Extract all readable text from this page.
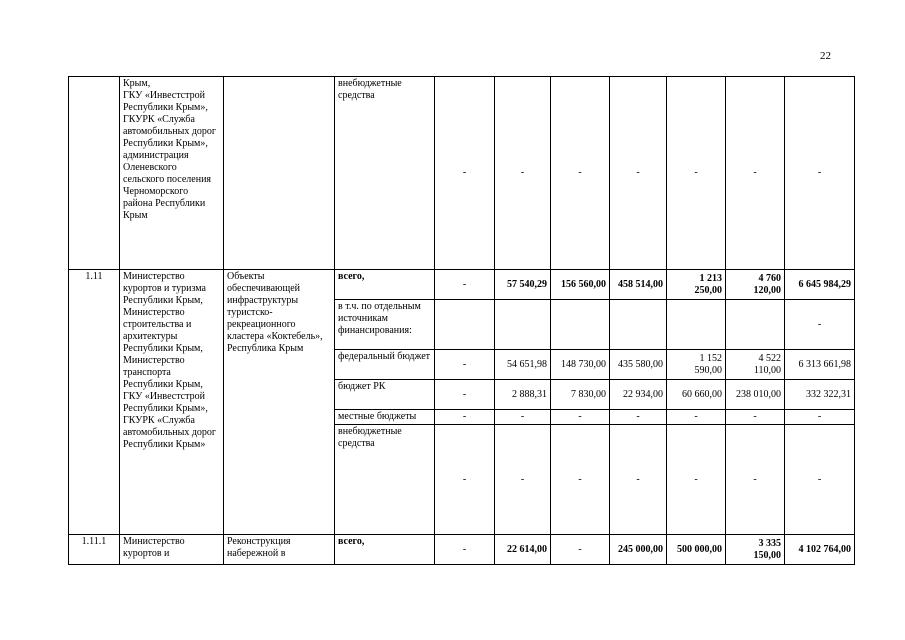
22
	Крым,
ГКУ «Инвестстрой Республики Крым»,
ГКУРК «Служба автомобильных дорог Республики Крым»,
администрация Оленевского сельского поселения Черноморского района Республики Крым		внебюджетные средства	-	-	-	-	-	-	-
1.11	Министерство курортов и туризма Республики Крым,
Министерство строительства и архитектуры Республики Крым,
Министерство транспорта Республики Крым,
ГКУ «Инвестстрой Республики Крым»,
ГКУРК «Служба автомобильных дорог Республики Крым»	Объекты обеспечивающей инфраструктуры туристско-рекреационного кластера «Коктебель», Республика Крым	всего,	-	57 540,29	156 560,00	458 514,00	1 213 250,00	4 760 120,00	6 645 984,29
			в т.ч. по отдельным источникам финансирования:							-
			федеральный бюджет	-	54 651,98	148 730,00	435 580,00	1 152 590,00	4 522 110,00	6 313 661,98
			бюджет РК	-	2 888,31	7 830,00	22 934,00	60 660,00	238 010,00	332 322,31
			местные бюджеты	-	-	-	-	-	-	-
			внебюджетные средства	-	-	-	-	-	-	-
1.11.1	Министерство курортов и	Реконструкция набережной в	всего,	-	22 614,00	-	245 000,00	500 000,00	3 335 150,00	4 102 764,00
